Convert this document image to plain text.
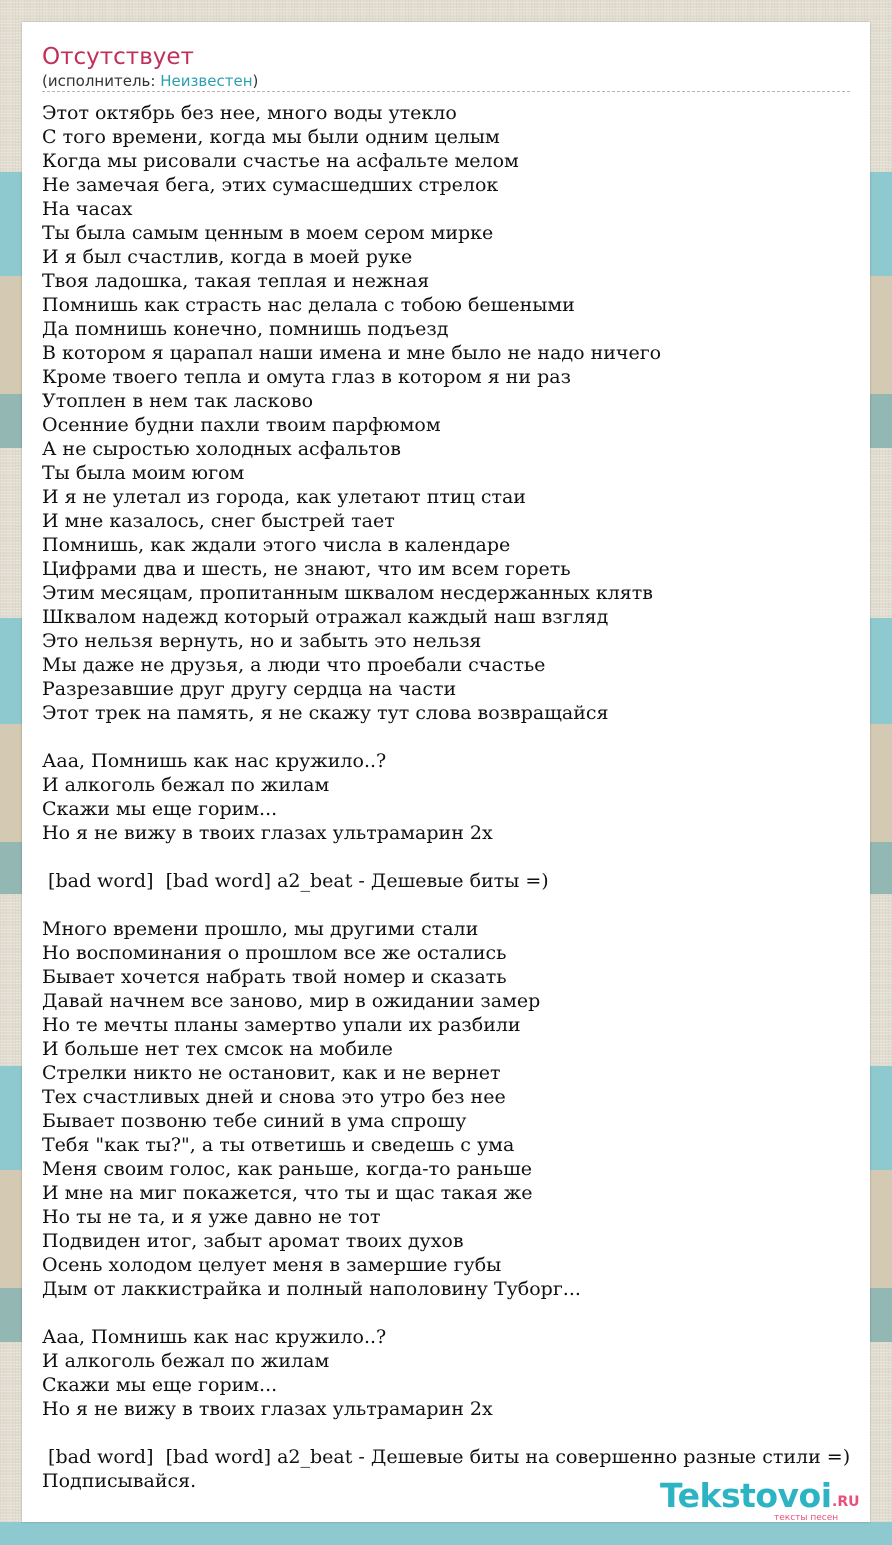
Отсутствует
(исполнитель: Неизвестен)
Этот октябрь без нее, много воды утекло
С того времени, когда мы были одним целым
Когда мы рисовали счастье на асфальте мелом
Не замечая бега, этих сумасшедших стрелок
На часах
Ты была самым ценным в моем сером мирке
И я был счастлив, когда в моей руке
Твоя ладошка, такая теплая и нежная
Помнишь как страсть нас делала с тобою бешеными
Да помнишь конечно, помнишь подъезд
В котором я царапал наши имена и мне было не надо ничего
Кроме твоего тепла и омута глаз в котором я ни раз
Утоплен в нем так ласково
Осенние будни пахли твоим парфюмом
А не сыростью холодных асфальтов
Ты была моим югом
И я не улетал из города, как улетают птиц стаи
И мне казалось, снег быстрей тает
Помнишь, как ждали этого числа в календаре
Цифрами два и шесть, не знают, что им всем гореть
Этим месяцам, пропитанным шквалом несдержанных клятв
Шквалом надежд который отражал каждый наш взгляд
Это нельзя вернуть, но и забыть это нельзя
Мы даже не друзья, а люди что проебали счастье
Разрезавшие друг другу сердца на части
Этот трек на память, я не скажу тут слова возвращайся
Ааа, Помнишь как нас кружило..?
И алкоголь бежал по жилам
Скажи мы еще горим...
Но я не вижу в твоих глазах ультрамарин 2х
[bad word]  [bad word] a2_beat - Дешевые биты =)
Много времени прошло, мы другими стали
Но воспоминания о прошлом все же остались
Бывает хочется набрать твой номер и сказать
Давай начнем все заново, мир в ожидании замер
Но те мечты планы замертво упали их разбили
И больше нет тех смсок на мобиле
Стрелки никто не остановит, как и не вернет
Тех счастливых дней и снова это утро без нее
Бывает позвоню тебе синий в ума спрошу
Тебя "как ты?", а ты ответишь и сведешь с ума
Меня своим голос, как раньше, когда-то раньше
И мне на миг покажется, что ты и щас такая же
Но ты не та, и я уже давно не тот
Подвиден итог, забыт аромат твоих духов
Осень холодом целует меня в замершие губы
Дым от лаккистрайка и полный наполовину Туборг...
Ааа, Помнишь как нас кружило..?
И алкоголь бежал по жилам
Скажи мы еще горим...
Но я не вижу в твоих глазах ультрамарин 2х
[bad word]  [bad word] a2_beat - Дешевые биты на совершенно разные стили =)
Подписывайся.	Tekstovoi .RU
тексты песен
